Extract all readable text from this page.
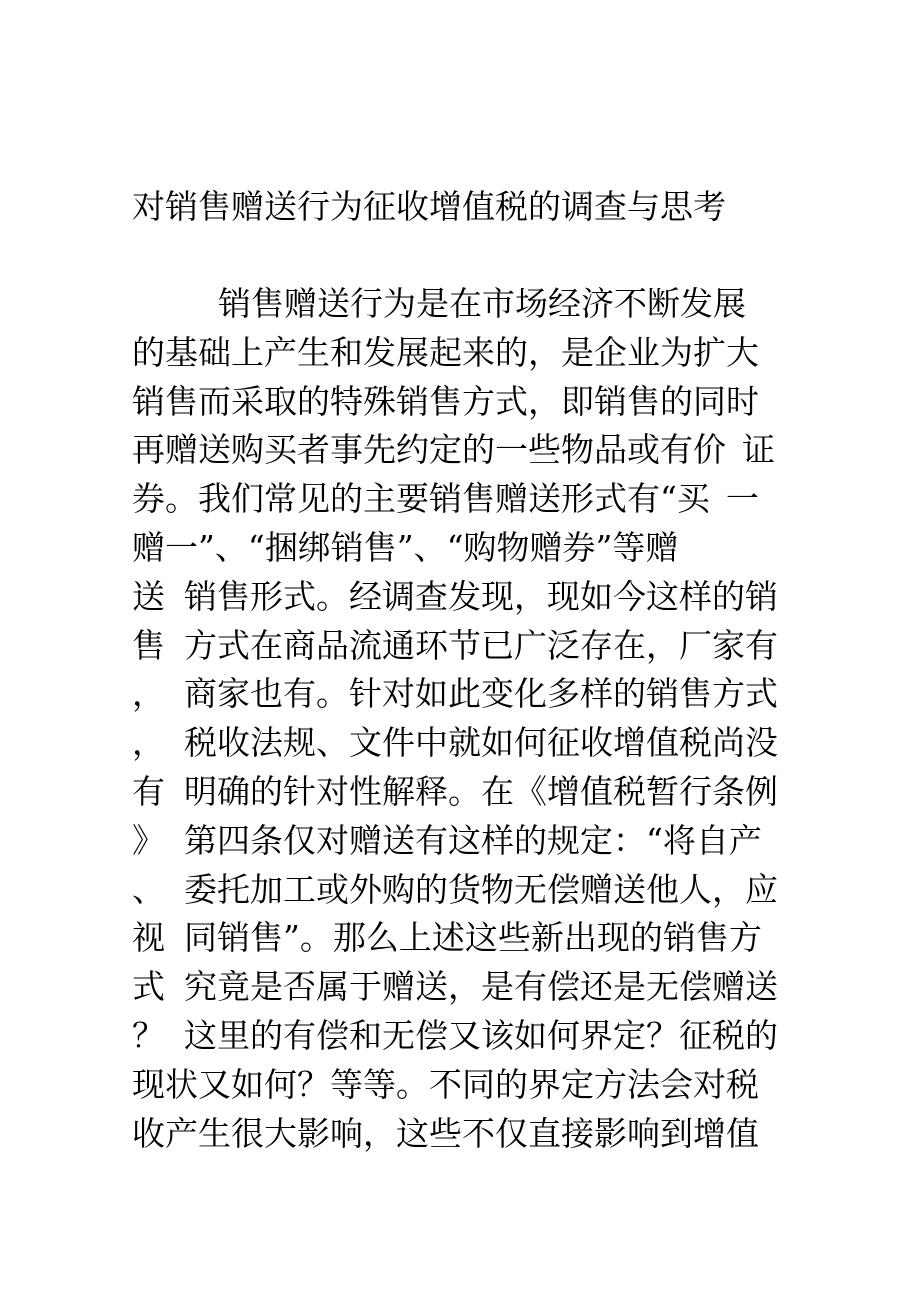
对销售赠送行为征收增值税的调查与思考
销售赠送行为是在市场经济不断发展
的基础上产生和发展起来的，是企业为扩大
销售而采取的特殊销售方式，即销售的同时
再赠送购买者事先约定的一些物品或有价 证
券。我们常见的主要销售赠送形式有“买 一
赠一”、“捆绑销售”、“购物赠券”等赠
送 销售形式。经调查发现，现如今这样的销
售 方式在商品流通环节已广泛存在，厂家有
， 商家也有。针对如此变化多样的销售方式
， 税收法规、文件中就如何征收增值税尚没
有 明确的针对性解释。在《增值税暂行条例
》 第四条仅对赠送有这样的规定：“将自产
、 委托加工或外购的货物无偿赠送他人，应
视 同销售”。那么上述这些新出现的销售方
式 究竟是否属于赠送，是有偿还是无偿赠送
？ 这里的有偿和无偿又该如何界定？征税的
现状又如何？等等。不同的界定方法会对税
收产生很大影响，这些不仅直接影响到增值
